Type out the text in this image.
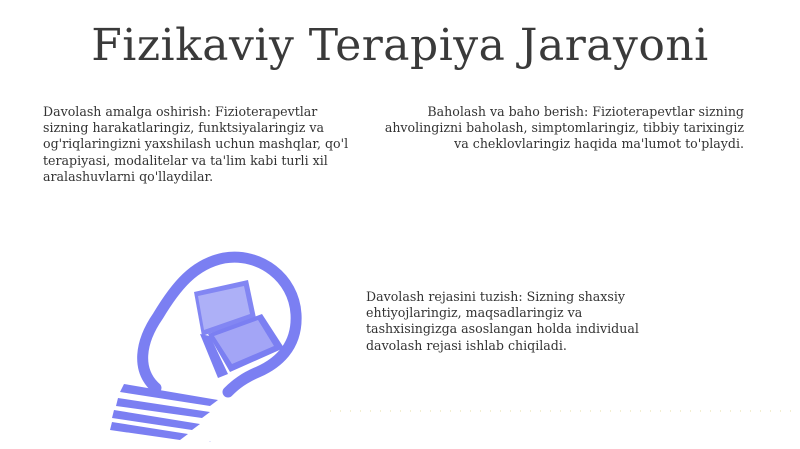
Fizikaviy Terapiya Jarayoni
Davolash amalga oshirish: Fizioterapevtlar sizning harakatlaringiz, funktsiyalaringiz va og'riqlaringizni yaxshilash uchun mashqlar, qo'l terapiyasi, modalitelar va ta'lim kabi turli xil aralashuvlarni qo'llaydilar.
Baholash va baho berish: Fizioterapevtlar sizning ahvolingizni baholash, simptomlaringiz, tibbiy tarixingiz va cheklovlaringiz haqida ma'lumot to'playdi.
Davolash rejasini tuzish: Sizning shaxsiy ehtiyojlaringiz, maqsadlaringiz va tashxisingizga asoslangan holda individual davolash rejasi ishlab chiqiladi.
